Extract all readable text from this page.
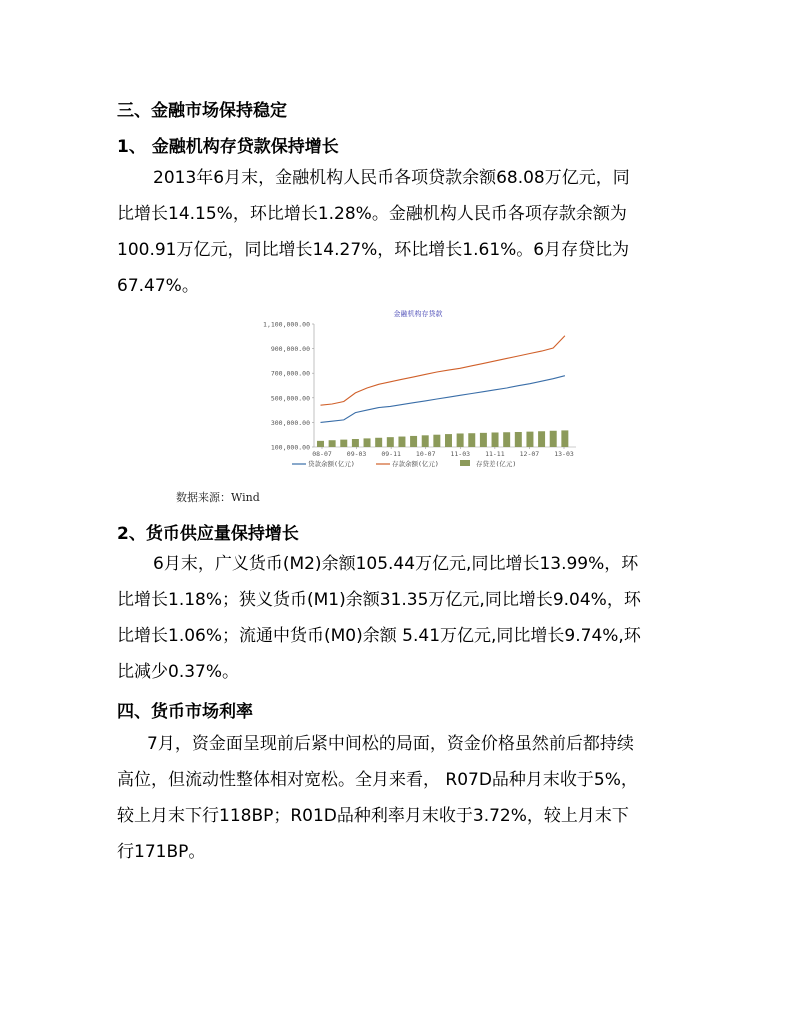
三、金融市场保持稳定
1、 金融机构存贷款保持增长
2013年6月末，金融机构人民币各项贷款余额68.08万亿元，同
比增长14.15%，环比增长1.28%。金融机构人民币各项存款余额为
100.91万亿元，同比增长14.27%，环比增长1.61%。6月存贷比为
67.47%。
金融机构存贷款
1,100,000.00
900,000.00
700,000.00
500,000.00
300,000.00
100,000.00
08-07 09-03 09-11 10-07 11-03 11-11 12-07 13-03
贷款余额(亿元)	存款余额(亿元)	存贷差(亿元)
数据来源：Wind
2、货币供应量保持增长
6月末，广义货币(M2)余额105.44万亿元,同比增长13.99%，环
比增长1.18%；狭义货币(M1)余额31.35万亿元,同比增长9.04%，环
比增长1.06%；流通中货币(M0)余额 5.41万亿元,同比增长9.74%,环
比减少0.37%。
四、货币市场利率
7月，资金面呈现前后紧中间松的局面，资金价格虽然前后都持续
高位，但流动性整体相对宽松。全月来看， R07D品种月末收于5%，
较上月末下行118BP；R01D品种利率月末收于3.72%，较上月末下
行171BP。
